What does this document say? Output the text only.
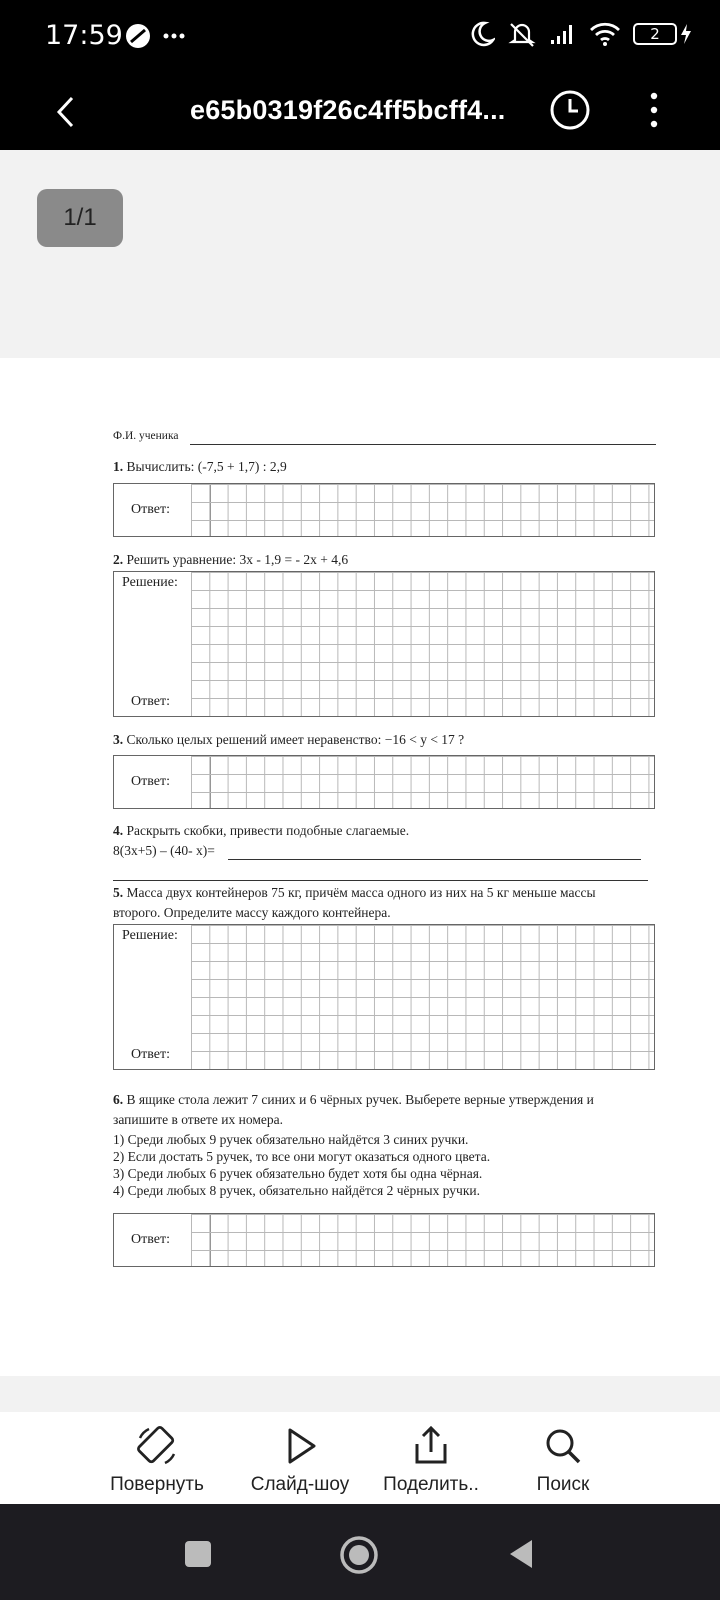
17:59	2
e65b0319f26c4ff5bcff4...
1/1
Ф.И. ученика
1. Вычислить: (-7,5 + 1,7) : 2,9
Ответ:
2. Решить уравнение: 3х - 1,9 = - 2х + 4,6
Решение:
Ответ:
3. Сколько целых решений имеет неравенство: −16 < y < 17 ?
Ответ:
4. Раскрыть скобки, привести подобные слагаемые.
8(3х+5) – (40- х)=
5. Масса двух контейнеров 75 кг, причём масса одного из них на 5 кг меньше массы
второго. Определите массу каждого контейнера.
Решение:
Ответ:
6. В ящике стола лежит 7 синих и 6 чёрных ручек. Выберете верные утверждения и
запишите в ответе их номера.
1) Среди любых 9 ручек обязательно найдётся 3 синих ручки.
2) Если достать 5 ручек, то все они могут оказаться одного цвета.
3) Среди любых 6 ручек обязательно будет хотя бы одна чёрная.
4) Среди любых 8 ручек, обязательно найдётся 2 чёрных ручки.
Ответ:
Повернуть	Слайд-шоу	Поделить..	Поиск
